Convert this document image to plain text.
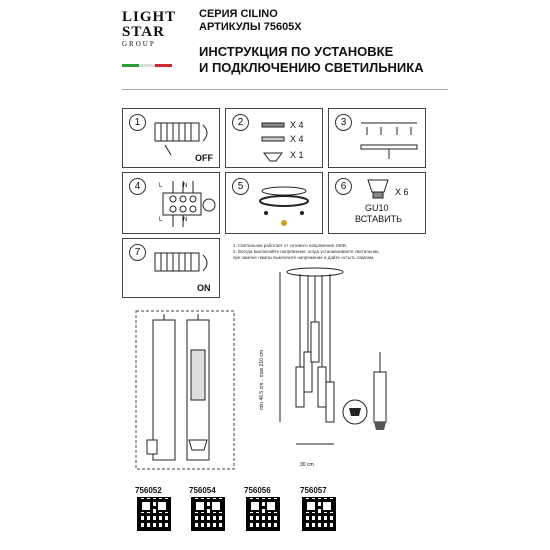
LIGHT
STAR
GROUP
СЕРИЯ CILINO
АРТИКУЛЫ 75605X
ИНСТРУКЦИЯ ПО УСТАНОВКЕ
И ПОДКЛЮЧЕНИЮ СВЕТИЛЬНИКА
1
OFF
2	X 4
X 4
X 1
3
4	L	N
L	N
5	6	X 6
GU10
ВСТАВИТЬ
7
ON
1. Светильник работает от сетевого напряжения 230В.
2. Всегда выключайте напряжение, когда устанавливаете светильник,
при замене лампы выключите напряжение и дайте остыть лампам.
min 46.5 cm... max 210 cm
30 cm
756052	756054	756056	756057
